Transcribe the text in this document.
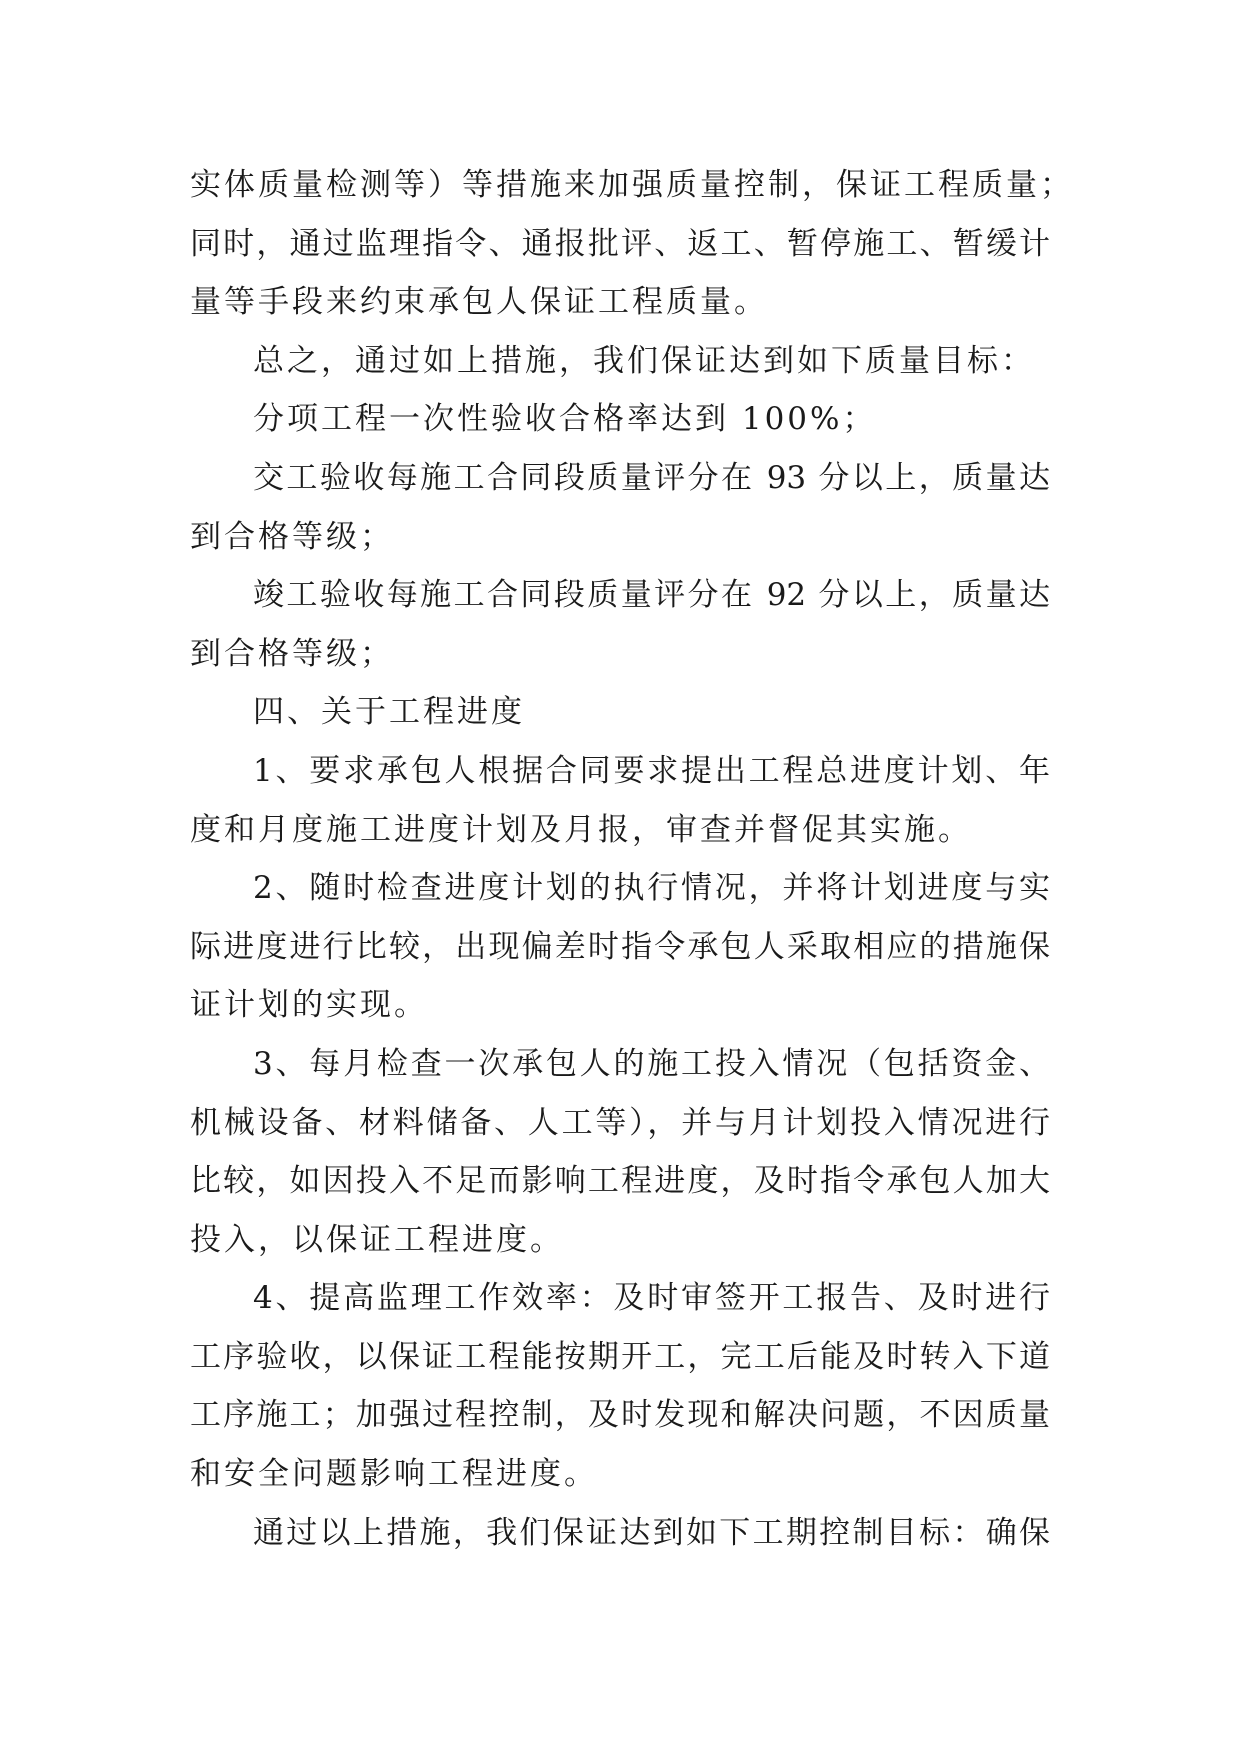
实体质量检测等）等措施来加强质量控制，保证工程质量；
同时，通过监理指令、通报批评、返工、暂停施工、暂缓计
量等手段来约束承包人保证工程质量。
总之，通过如上措施，我们保证达到如下质量目标：
分项工程一次性验收合格率达到 100%；
交工验收每施工合同段质量评分在 93 分以上，质量达
到合格等级；
竣工验收每施工合同段质量评分在 92 分以上，质量达
到合格等级；
四、关于工程进度
1、要求承包人根据合同要求提出工程总进度计划、年
度和月度施工进度计划及月报，审查并督促其实施。
2、随时检查进度计划的执行情况，并将计划进度与实
际进度进行比较，出现偏差时指令承包人采取相应的措施保
证计划的实现。
3、每月检查一次承包人的施工投入情况（包括资金、
机械设备、材料储备、人工等），并与月计划投入情况进行
比较，如因投入不足而影响工程进度，及时指令承包人加大
投入，以保证工程进度。
4、提高监理工作效率：及时审签开工报告、及时进行
工序验收，以保证工程能按期开工，完工后能及时转入下道
工序施工；加强过程控制，及时发现和解决问题，不因质量
和安全问题影响工程进度。
通过以上措施，我们保证达到如下工期控制目标：确保
